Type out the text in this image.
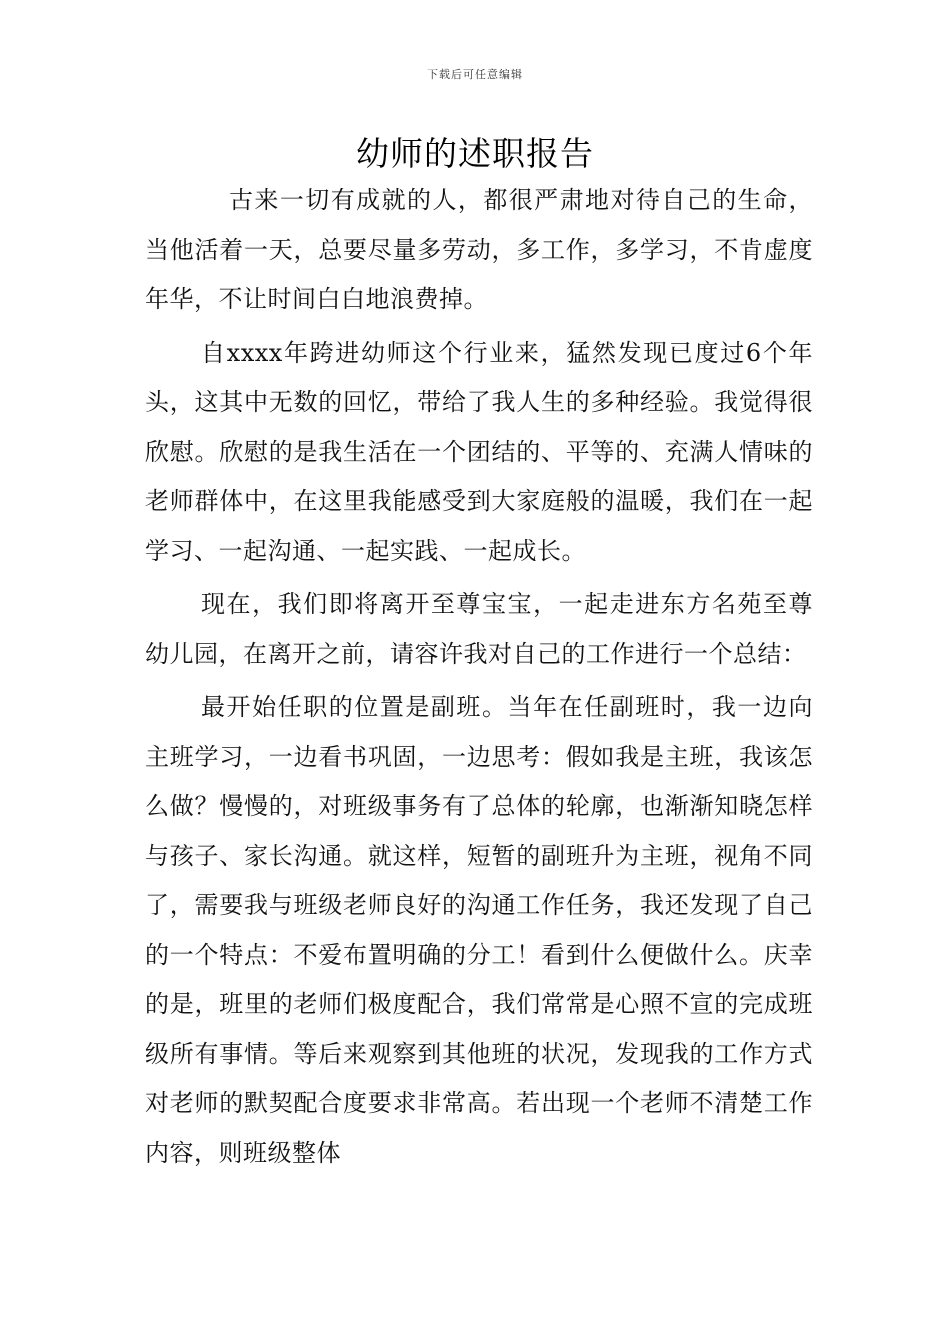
下载后可任意编辑
幼师的述职报告

古来一切有成就的人，都很严肃地对待自己的生命，当他活着一天，总要尽量多劳动，多工作，多学习，不肯虚度年华，不让时间白白地浪费掉。

自xxxx年跨进幼师这个行业来，猛然发现已度过6个年头，这其中无数的回忆，带给了我人生的多种经验。我觉得很欣慰。欣慰的是我生活在一个团结的、平等的、充满人情味的老师群体中，在这里我能感受到大家庭般的温暖，我们在一起学习、一起沟通、一起实践、一起成长。

现在，我们即将离开至尊宝宝，一起走进东方名苑至尊幼儿园，在离开之前，请容许我对自己的工作进行一个总结：

最开始任职的位置是副班。当年在任副班时，我一边向主班学习，一边看书巩固，一边思考：假如我是主班，我该怎么做？慢慢的，对班级事务有了总体的轮廓，也渐渐知晓怎样与孩子、家长沟通。就这样，短暂的副班升为主班，视角不同了，需要我与班级老师良好的沟通工作任务，我还发现了自己的一个特点：不爱布置明确的分工！看到什么便做什么。庆幸的是，班里的老师们极度配合，我们常常是心照不宣的完成班级所有事情。等后来观察到其他班的状况，发现我的工作方式对老师的默契配合度要求非常高。若出现一个老师不清楚工作内容，则班级整体
